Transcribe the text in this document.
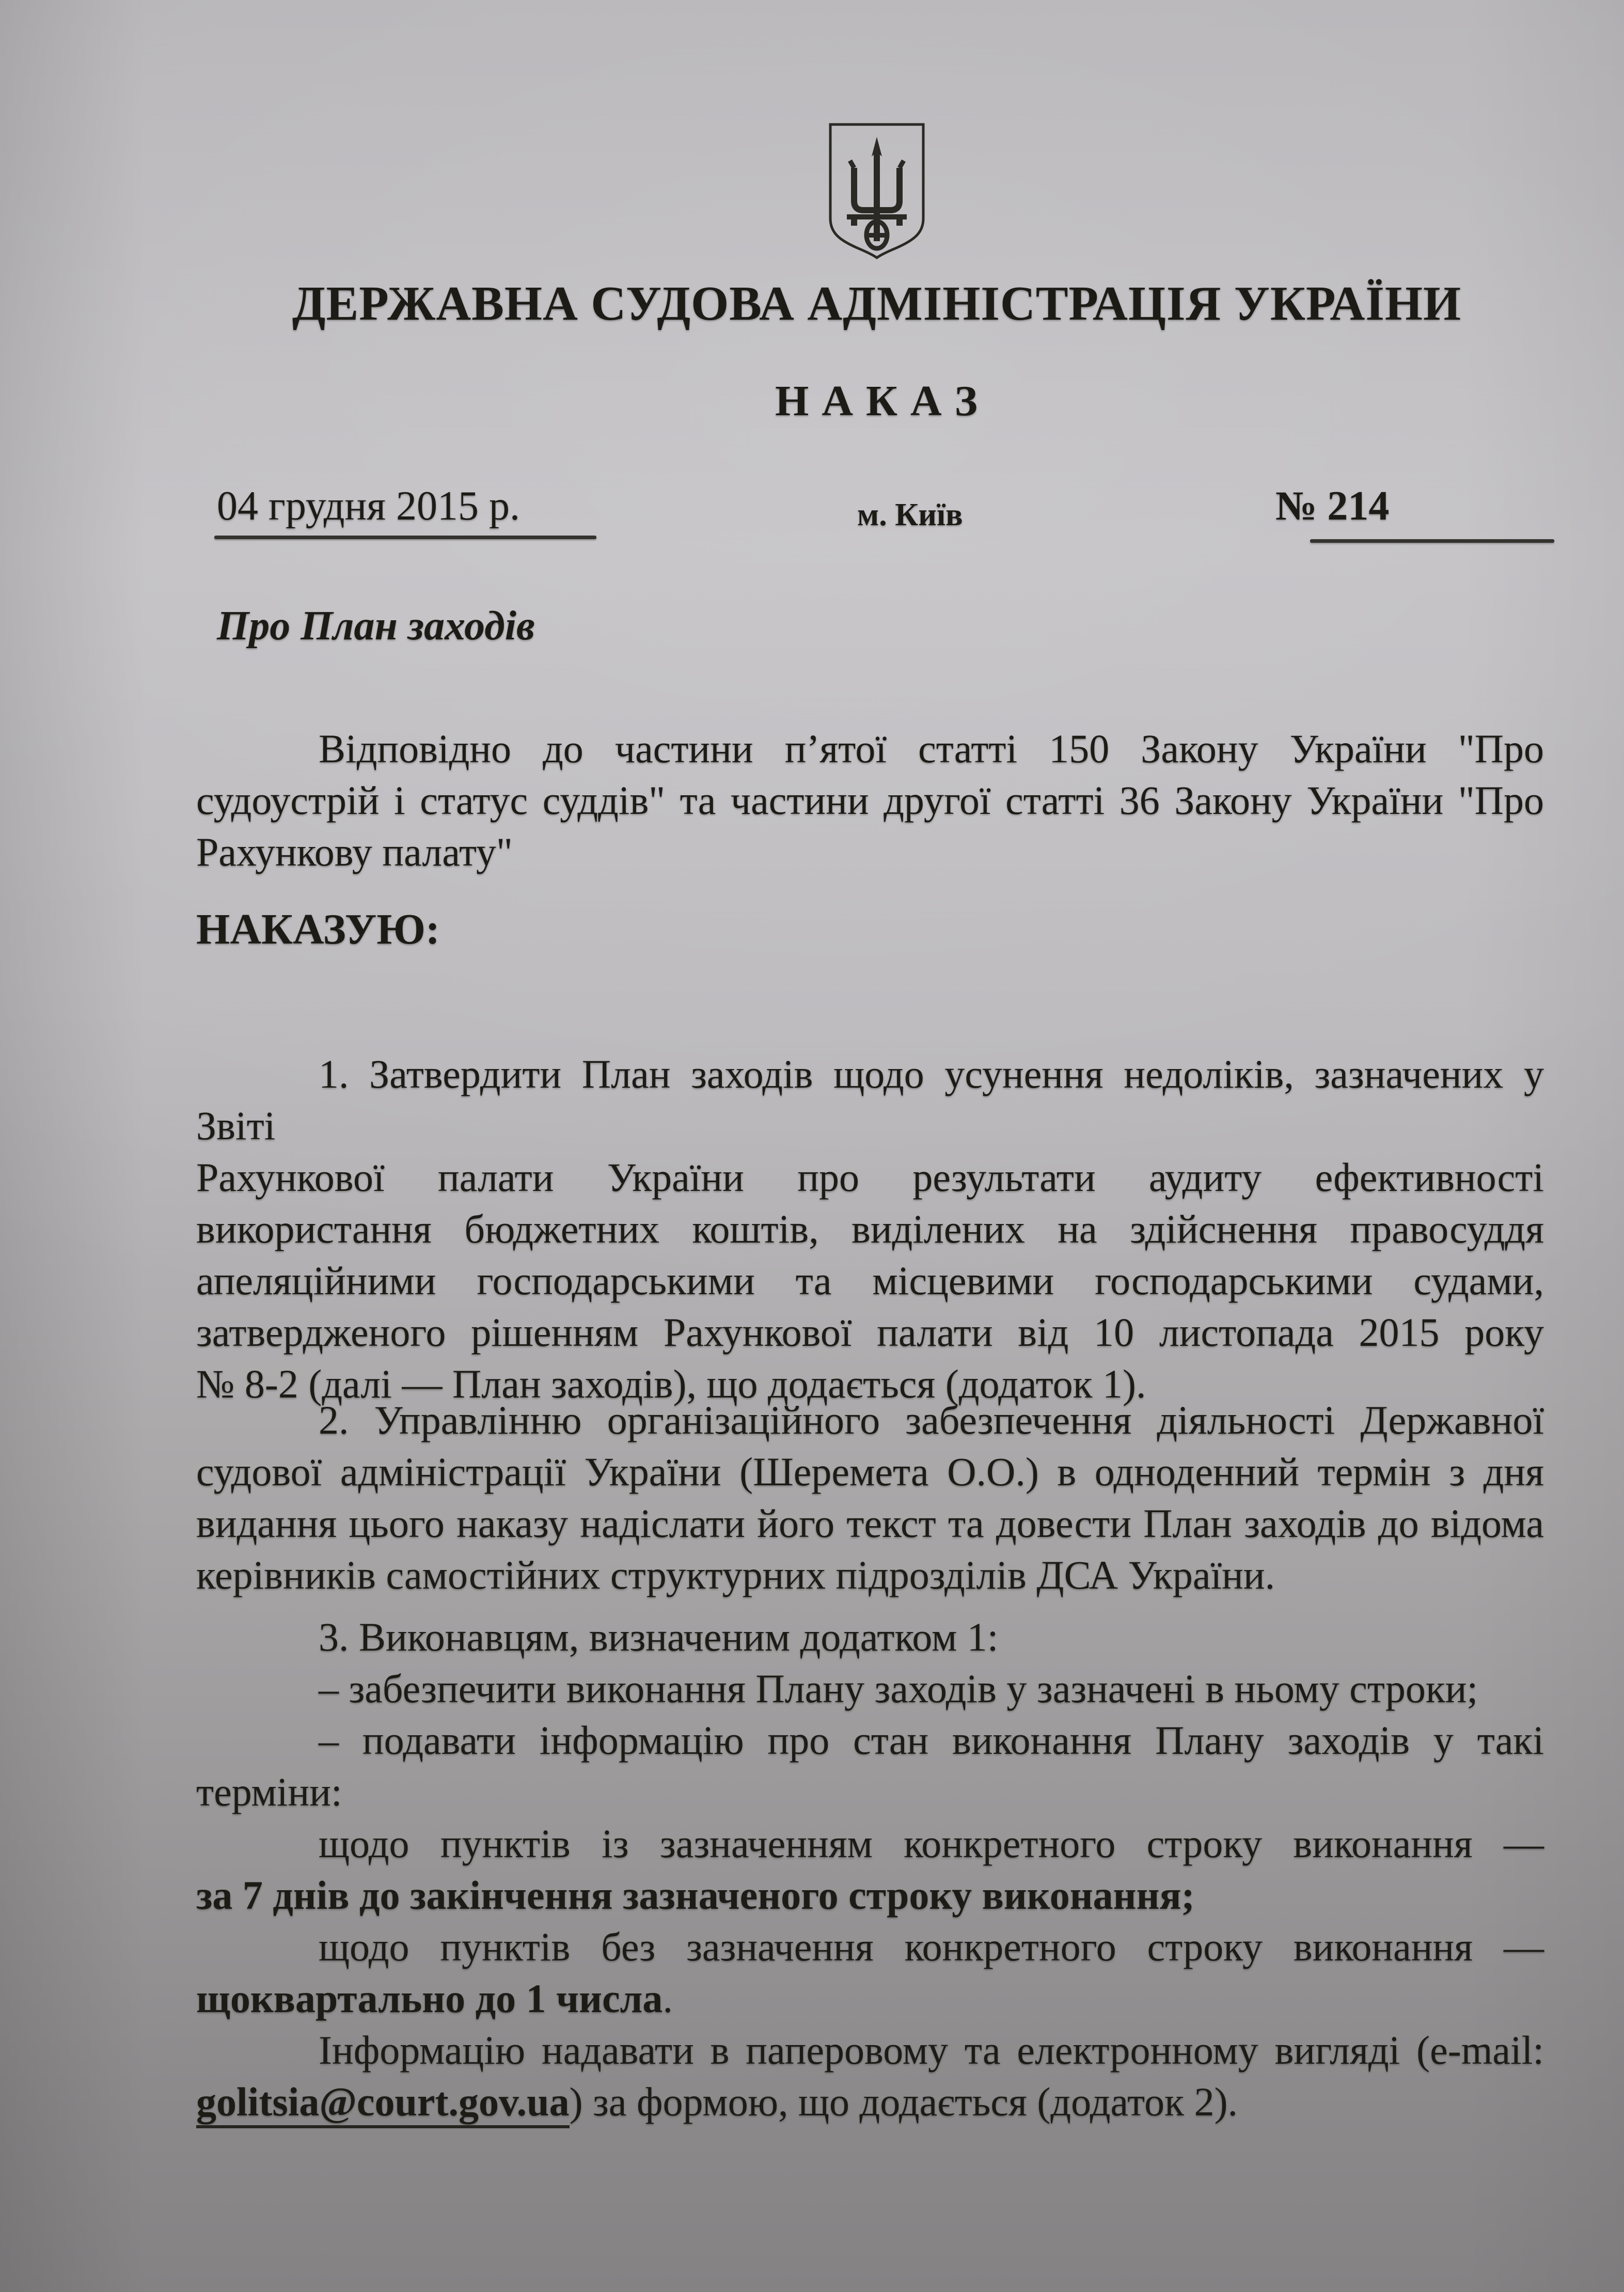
ДЕРЖАВНА СУДОВА АДМІНІСТРАЦІЯ УКРАЇНИ
Н А К А З
04 грудня 2015 р.	м. Київ	№ 214
Про План заходів
Відповідно до частини п’ятої статті 150 Закону України "Про
судоустрій і статус суддів" та частини другої статті 36 Закону України "Про
Рахункову палату"
НАКАЗУЮ:
1. Затвердити План заходів щодо усунення недоліків, зазначених у Звіті
Рахункової палати України про результати аудиту ефективності
використання бюджетних коштів, виділених на здійснення правосуддя
апеляційними господарськими та місцевими господарськими судами,
затвердженого рішенням Рахункової палати від 10 листопада 2015 року
№ 8-2 (далі — План заходів), що додається (додаток 1).
2. Управлінню організаційного забезпечення діяльності Державної
судової адміністрації України (Шеремета О.О.) в одноденний термін з дня
видання цього наказу надіслати його текст та довести План заходів до відома
керівників самостійних структурних підрозділів ДСА України.
3. Виконавцям, визначеним додатком 1:
– забезпечити виконання Плану заходів у зазначені в ньому строки;
– подавати інформацію про стан виконання Плану заходів у такі
терміни:
щодо пунктів із зазначенням конкретного строку виконання —
за 7 днів до закінчення зазначеного строку виконання;
щодо пунктів без зазначення конкретного строку виконання —
щоквартально до 1 числа.
Інформацію надавати в паперовому та електронному вигляді (e-mail:
golitsia@court.gov.ua) за формою, що додається (додаток 2).
